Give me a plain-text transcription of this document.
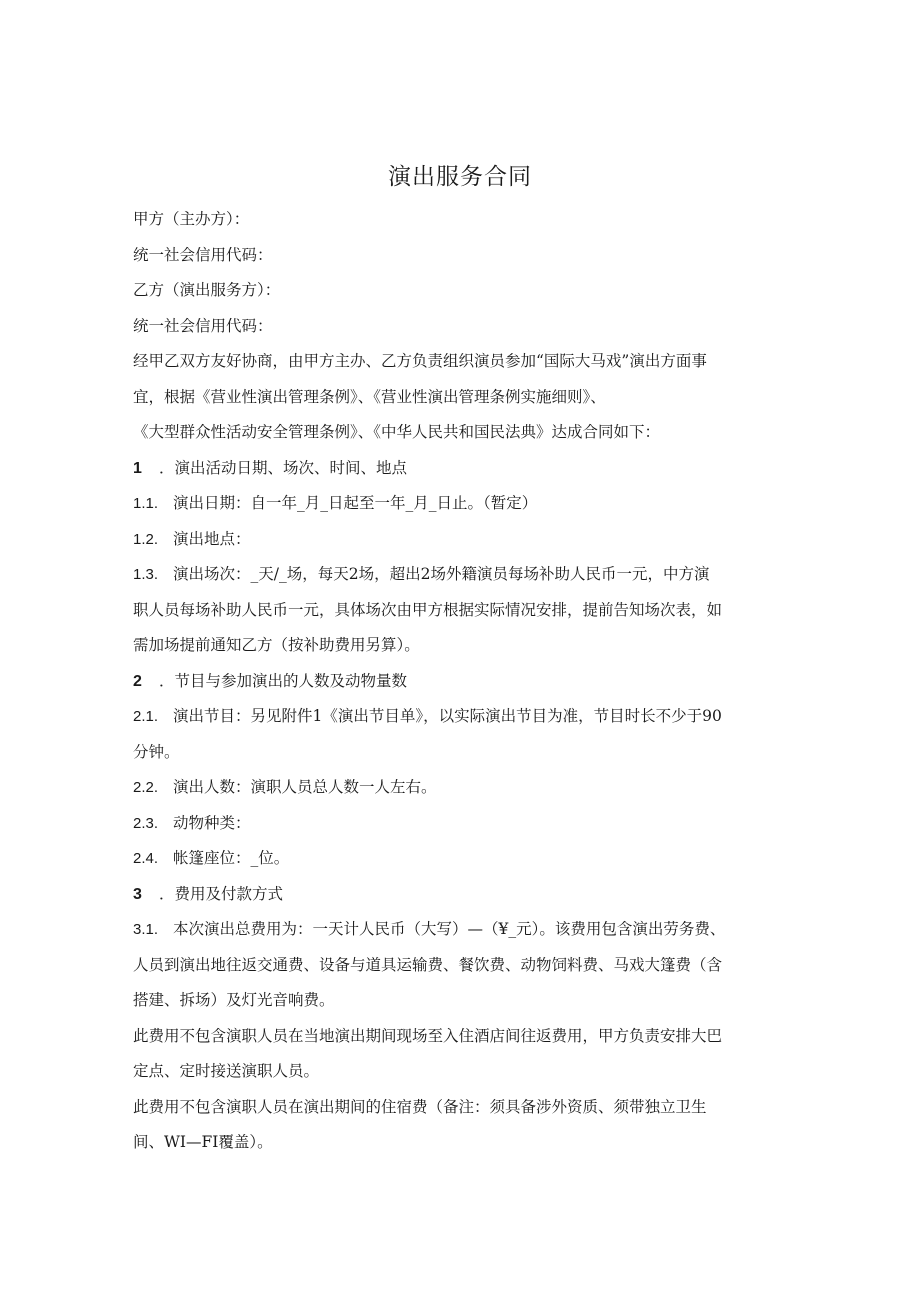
演出服务合同
甲方（主办方）：
统一社会信用代码：
乙方（演出服务方）：
统一社会信用代码：
经甲乙双方友好协商，由甲方主办、乙方负责组织演员参加“国际大马戏”演出方面事
宜，根据《营业性演出管理条例》、《营业性演出管理条例实施细则》、
《大型群众性活动安全管理条例》、《中华人民共和国民法典》达成合同如下：
1 ．演出活动日期、场次、时间、地点
1.1. 演出日期：自一年_月_日起至一年_月_日止。（暂定）
1.2. 演出地点：
1.3. 演出场次：_天/_场，每天2场，超出2场外籍演员每场补助人民币一元，中方演
职人员每场补助人民币一元，具体场次由甲方根据实际情况安排，提前告知场次表，如
需加场提前通知乙方（按补助费用另算）。
2 ．节目与参加演出的人数及动物量数
2.1. 演出节目：另见附件1《演出节目单》，以实际演出节目为准，节目时长不少于90
分钟。
2.2. 演出人数：演职人员总人数一人左右。
2.3. 动物种类：
2.4. 帐篷座位：_位。
3 ．费用及付款方式
3.1. 本次演出总费用为：一天计人民币（大写）—（¥_元）。该费用包含演出劳务费、
人员到演出地往返交通费、设备与道具运输费、餐饮费、动物饲料费、马戏大篷费（含
搭建、拆场）及灯光音响费。
此费用不包含演职人员在当地演出期间现场至入住酒店间往返费用，甲方负责安排大巴
定点、定时接送演职人员。
此费用不包含演职人员在演出期间的住宿费（备注：须具备涉外资质、须带独立卫生
间、WI—FI覆盖）。
